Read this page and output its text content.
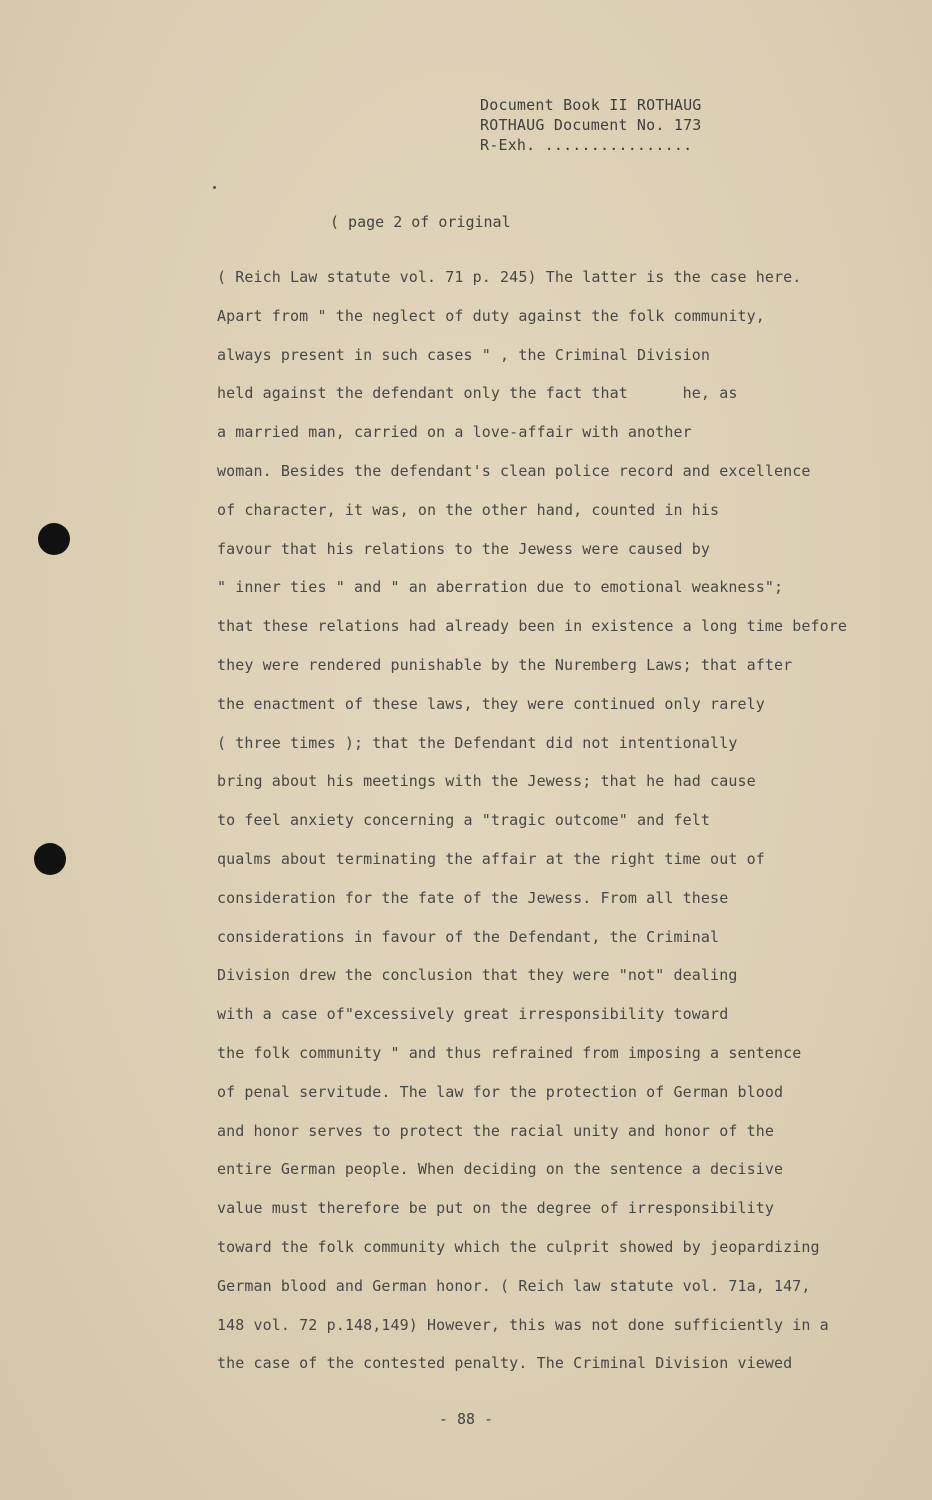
Document Book II ROTHAUG
ROTHAUG Document No. 173
R-Exh. ................
( page 2 of original
( Reich Law statute vol. 71 p. 245) The latter is the case here.
Apart from " the neglect of duty against the folk community,
always present in such cases " , the Criminal Division
held against the defendant only the fact that      he, as
a married man, carried on a love-affair with another
woman. Besides the defendant's clean police record and excellence
of character, it was, on the other hand, counted in his
favour that his relations to the Jewess were caused by
" inner ties " and " an aberration due to emotional weakness";
that these relations had already been in existence a long time before
they were rendered punishable by the Nuremberg Laws; that after
the enactment of these laws, they were continued only rarely
( three times ); that the Defendant did not intentionally
bring about his meetings with the Jewess; that he had cause
to feel anxiety concerning a "tragic outcome" and felt
qualms about terminating the affair at the right time out of
consideration for the fate of the Jewess. From all these
considerations in favour of the Defendant, the Criminal
Division drew the conclusion that they were "not" dealing
with a case of"excessively great irresponsibility toward
the folk community " and thus refrained from imposing a sentence
of penal servitude. The law for the protection of German blood
and honor serves to protect the racial unity and honor of the
entire German people. When deciding on the sentence a decisive
value must therefore be put on the degree of irresponsibility
toward the folk community which the culprit showed by jeopardizing
German blood and German honor. ( Reich law statute vol. 71a, 147,
148 vol. 72 p.148,149) However, this was not done sufficiently in a
the case of the contested penalty. The Criminal Division viewed
- 88 -
